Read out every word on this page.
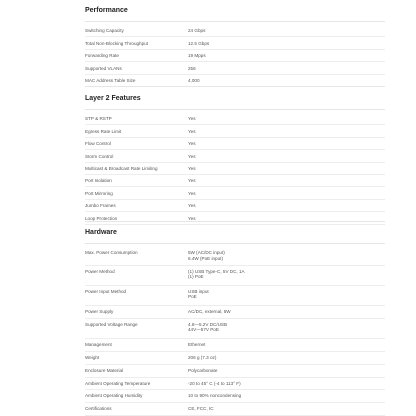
Performance
Switching Capacity	24 Gbps
Total Non-Blocking Throughput	12.5 Gbps
Forwarding Rate	19 Mpps
Supported VLANs	256
MAC Address Table Size	4,000
Layer 2 Features
STP & RSTP	Yes
Egress Rate Limit	Yes
Flow Control	Yes
Storm Control	Yes
Multicast & Broadcast Rate Limiting	Yes
Port Isolation	Yes
Port Mirroring	Yes
Jumbo Frames	Yes
Loop Protection	Yes
Hardware
Max. Power Consumption	5W (AC/DC input)
6.4W (PoE input)
Power Method	(1) USB Type-C, 5V DC, 1A
(1) PoE
Power Input Method	USB input
PoE
Power Supply	AC/DC, external, 5W
Supported Voltage Range	4.8—5.2V DC/USB
44V—57V PoE
Management	Ethernet
Weight	206 g (7.3 oz)
Enclosure Material	Polycarbonate
Ambient Operating Temperature	-20 to 45° C (-4 to 113° F)
Ambient Operating Humidity	10 to 90% noncondensing
Certifications	CE, FCC, IC
